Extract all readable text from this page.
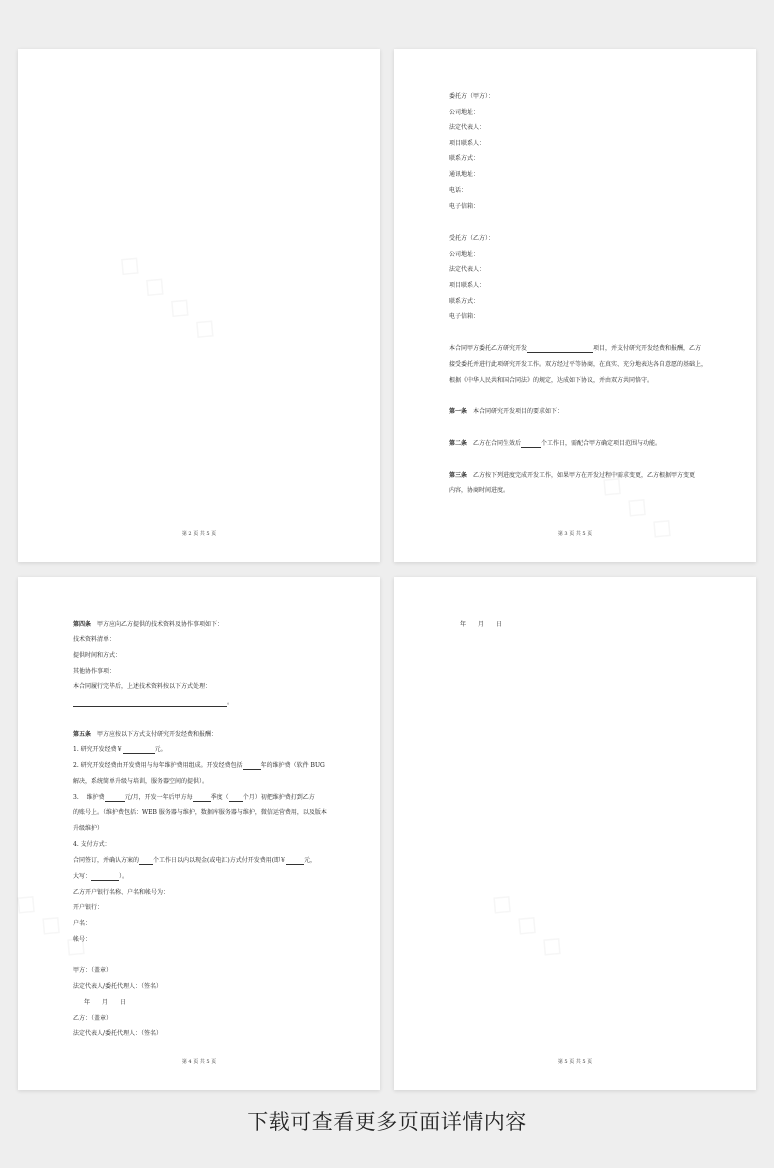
第 2 页 共 5 页
委托方（甲方）：
公司地址：
法定代表人：
项目联系人：
联系方式：
通讯地址：
电话：
电子信箱：
受托方（乙方）：
公司地址：
法定代表人：
项目联系人：
联系方式：
电子信箱：
本合同甲方委托乙方研究开发	项目，并支付研究开发经费和报酬，乙方
接受委托并进行此项研究开发工作。双方经过平等协商，在真实、充分地表达各自意愿的基础上，
根据《中华人民共和国合同法》的规定，达成如下协议，并由双方共同恪守。
第一条　 本合同研究开发项目的要求如下：
第二条　 乙方在合同生效后	个工作日，需配合甲方确定项目范围与功能。
第三条　 乙方按下列进度完成开发工作，如果甲方在开发过程中需求变更，乙方根据甲方变更
内容，协商时间进度。
第 3 页 共 5 页
第四条　 甲方应向乙方提供的技术资料及协作事项如下：
技术资料清单：
提供时间和方式：
其他协作事项：
本合同履行完毕后，上述技术资料按以下方式处理：
。
第五条　 甲方应按以下方式支付研究开发经费和报酬：
1. 研究开发经费￥	元。
2. 研究开发经费由开发费用与每年维护费用组成。开发经费包括	年的维护费（软件 BUG
解决，系统简单升级与培训，服务器空间的提供）。
3.　 维护费	元/月，开发一年后甲方每	季度（ 个月）初把维护费打到乙方
的账号上。（维护费包括：WEB 服务器与维护，数据库服务器与维护，微信运营费用，以及版本
升级维护）
4. 支付方式：
合同签订，并确认方案的 个工作日以内以现金(或电汇)方式付开发费用(即￥	元，
大写：	）。
乙方开户银行名称、户名和帐号为：
开户银行：
户名：
帐号：
甲方：（盖章）
法定代表人/委托代理人：（签名）
年　　月　　日
乙方：（盖章）
法定代表人/委托代理人：（签名）
第 4 页 共 5 页
年　　月　　日
第 5 页 共 5 页
下载可查看更多页面详情内容
